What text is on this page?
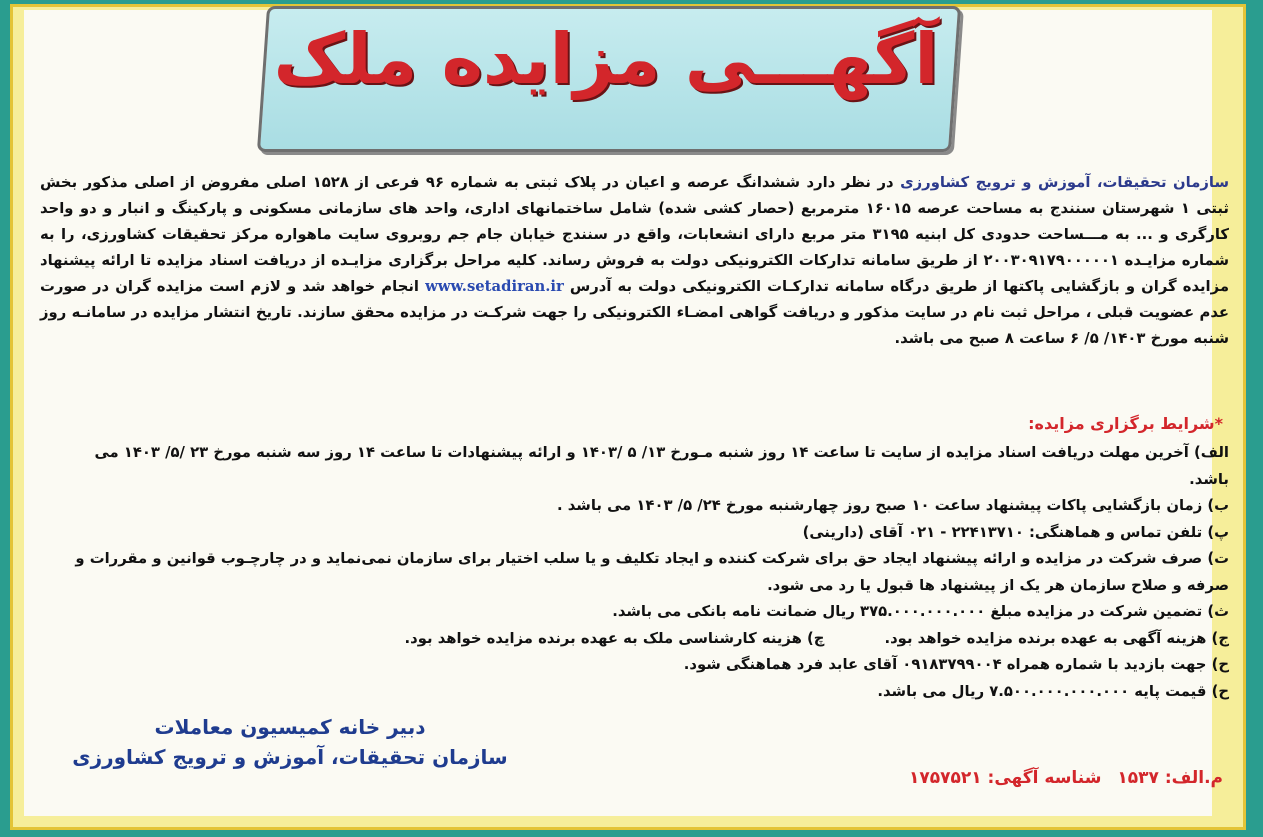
آگهـــی مزایده ملک
سازمان تحقیقات، آموزش و ترویج کشاورزی در نظر دارد ششدانگ عرصه و اعیان در پلاک ثبتی به شماره ۹۶ فرعی از ۱۵۲۸ اصلی مفروض از اصلی مذکور بخش ثبتی ۱ شهرستان سنندج به مساحت عرصه ۱۶۰۱۵ مترمربع (حصار کشی شده) شامل ساختمانهای اداری، واحد های سازمانی مسکونی و پارکینگ و انبار و دو واحد کارگری و ... به مـــساحت حدودی کل ابنیه ۳۱۹۵ متر مربع دارای انشعابات، واقع در سنندج خیابان جام جم روبروی سایت ماهواره مرکز تحقیقات کشاورزی، را به شماره مزایـده ۲۰۰۳۰۹۱۷۹۰۰۰۰۰۱ از طریق سامانه تدارکات الکترونیکی دولت به فروش رساند. کلیه مراحل برگزاری مزایـده از دریافت اسناد مزایده تا ارائه پیشنهاد مزایده گران و بازگشایی پاکتها از طریق درگاه سامانه تدارکـات الکترونیکی دولت به آدرس www.setadiran.ir انجام خواهد شد و لازم است مزایده گران در صورت عدم عضویت قبلی ، مراحل ثبت نام در سایت مذکور و دریافت گواهی امضـاء الکترونیکی را جهت شرکـت در مزایده محقق سازند. تاریخ انتشار مزایده در سامانـه روز شنبه مورخ ۱۴۰۳/ ۵/ ۶ ساعت ۸ صبح می باشد.
*شرایط برگزاری مزایده:
الف) آخرین مهلت دریافت اسناد مزایده از سایت تا ساعت ۱۴ روز شنبه مـورخ ۱۳/ ۵ /۱۴۰۳ و ارائه پیشنهادات تا ساعت ۱۴ روز سه شنبه مورخ ۲۳ /۵/ ۱۴۰۳ می باشد.
ب) زمان بازگشایی پاکات پیشنهاد ساعت ۱۰ صبح روز چهارشنبه مورخ ۲۴/ ۵/ ۱۴۰۳ می باشد .
پ) تلفن تماس و هماهنگی: ۲۲۴۱۳۷۱۰ - ۰۲۱ آقای (دارینی)
ت) صرف شرکت در مزایده و ارائه پیشنهاد ایجاد حق برای شرکت کننده و ایجاد تکلیف و یا سلب اختیار برای سازمان نمی‌نماید و در چارچـوب قوانین و مقررات و صرفه و صلاح سازمان هر یک از پیشنهاد ها قبول یا رد می شود.
ث) تضمین شرکت در مزایده مبلغ ۳۷۵.۰۰۰.۰۰۰.۰۰۰ ریال ضمانت نامه بانکی می باشد.
ج) هزینه آگهی به عهده برنده مزایده خواهد بود.
چ) هزینه کارشناسی ملک به عهده برنده مزایده خواهد بود.
ح) جهت بازدید با شماره همراه ۰۹۱۸۳۷۹۹۰۰۴ آقای عابد فرد هماهنگی شود.
ح) قیمت پایه ۷.۵۰۰.۰۰۰.۰۰۰.۰۰۰ ریال می باشد.
دبیر خانه کمیسیون معاملات
سازمان تحقیقات، آموزش و ترویج کشاورزی
م.الف: ۱۵۳۷ شناسه آگهی: ۱۷۵۷۵۲۱
